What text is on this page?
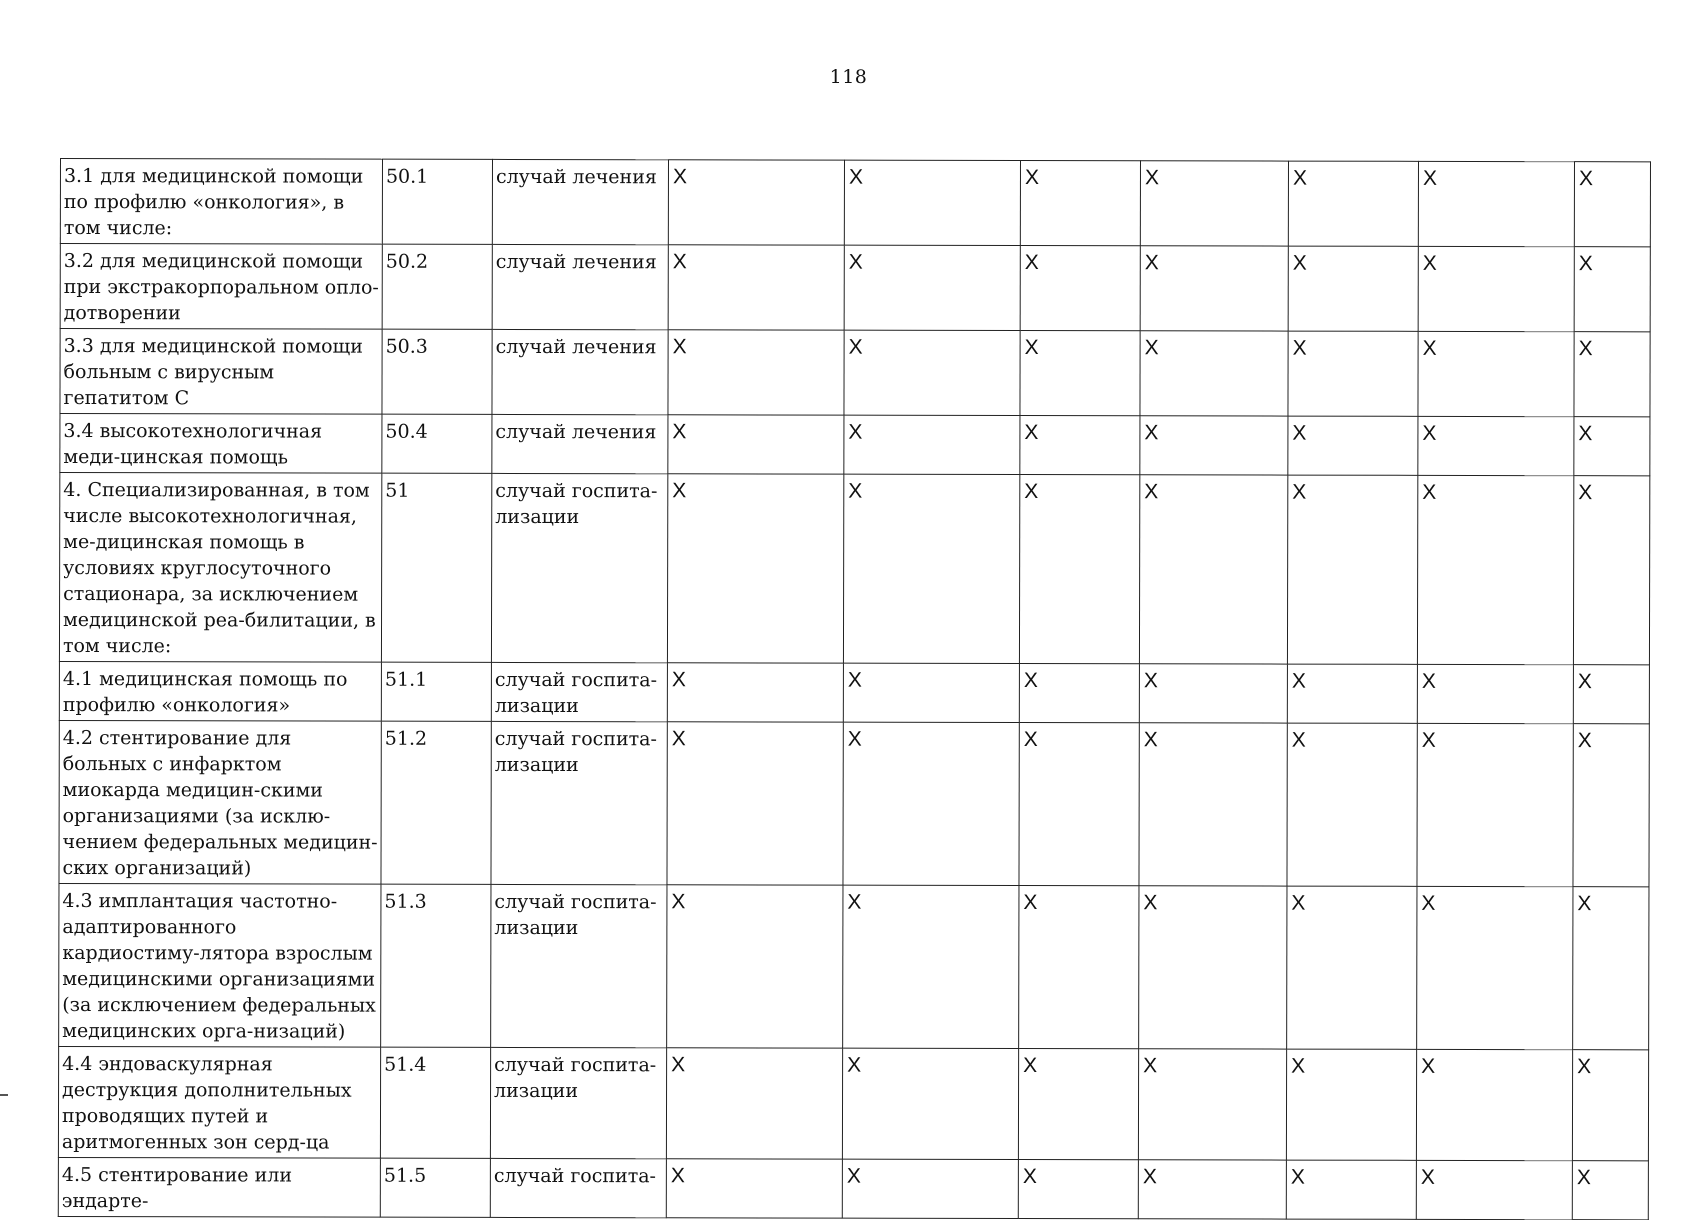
118
3.1 для медицинской помощи по профилю «онкология», в том числе:	50.1	случай лечения	X	X	X	X	X	X	X
3.2 для медицинской помощи при экстракорпоральном опло-дотворении	50.2	случай лечения	X	X	X	X	X	X	X
3.3 для медицинской помощи больным с вирусным гепатитом С	50.3	случай лечения	X	X	X	X	X	X	X
3.4 высокотехнологичная меди-цинская помощь	50.4	случай лечения	X	X	X	X	X	X	X
4. Специализированная, в том числе высокотехнологичная, ме-дицинская помощь в условиях круглосуточного стационара, за исключением медицинской реа-билитации, в том числе:	51	случай госпита-лизации	X	X	X	X	X	X	X
4.1 медицинская помощь по профилю «онкология»	51.1	случай госпита-лизации	X	X	X	X	X	X	X
4.2 стентирование для больных с инфарктом миокарда медицин-скими организациями (за исклю-чением федеральных медицин-ских организаций)	51.2	случай госпита-лизации	X	X	X	X	X	X	X
4.3 имплантация частотно-адаптированного кардиостиму-лятора взрослым медицинскими организациями (за исключением федеральных медицинских орга-низаций)	51.3	случай госпита-лизации	X	X	X	X	X	X	X
4.4 эндоваскулярная деструкция дополнительных проводящих путей и аритмогенных зон серд-ца	51.4	случай госпита-лизации	X	X	X	X	X	X	X
4.5 стентирование или эндарте-	51.5	случай госпита-	X	X	X	X	X	X	X
